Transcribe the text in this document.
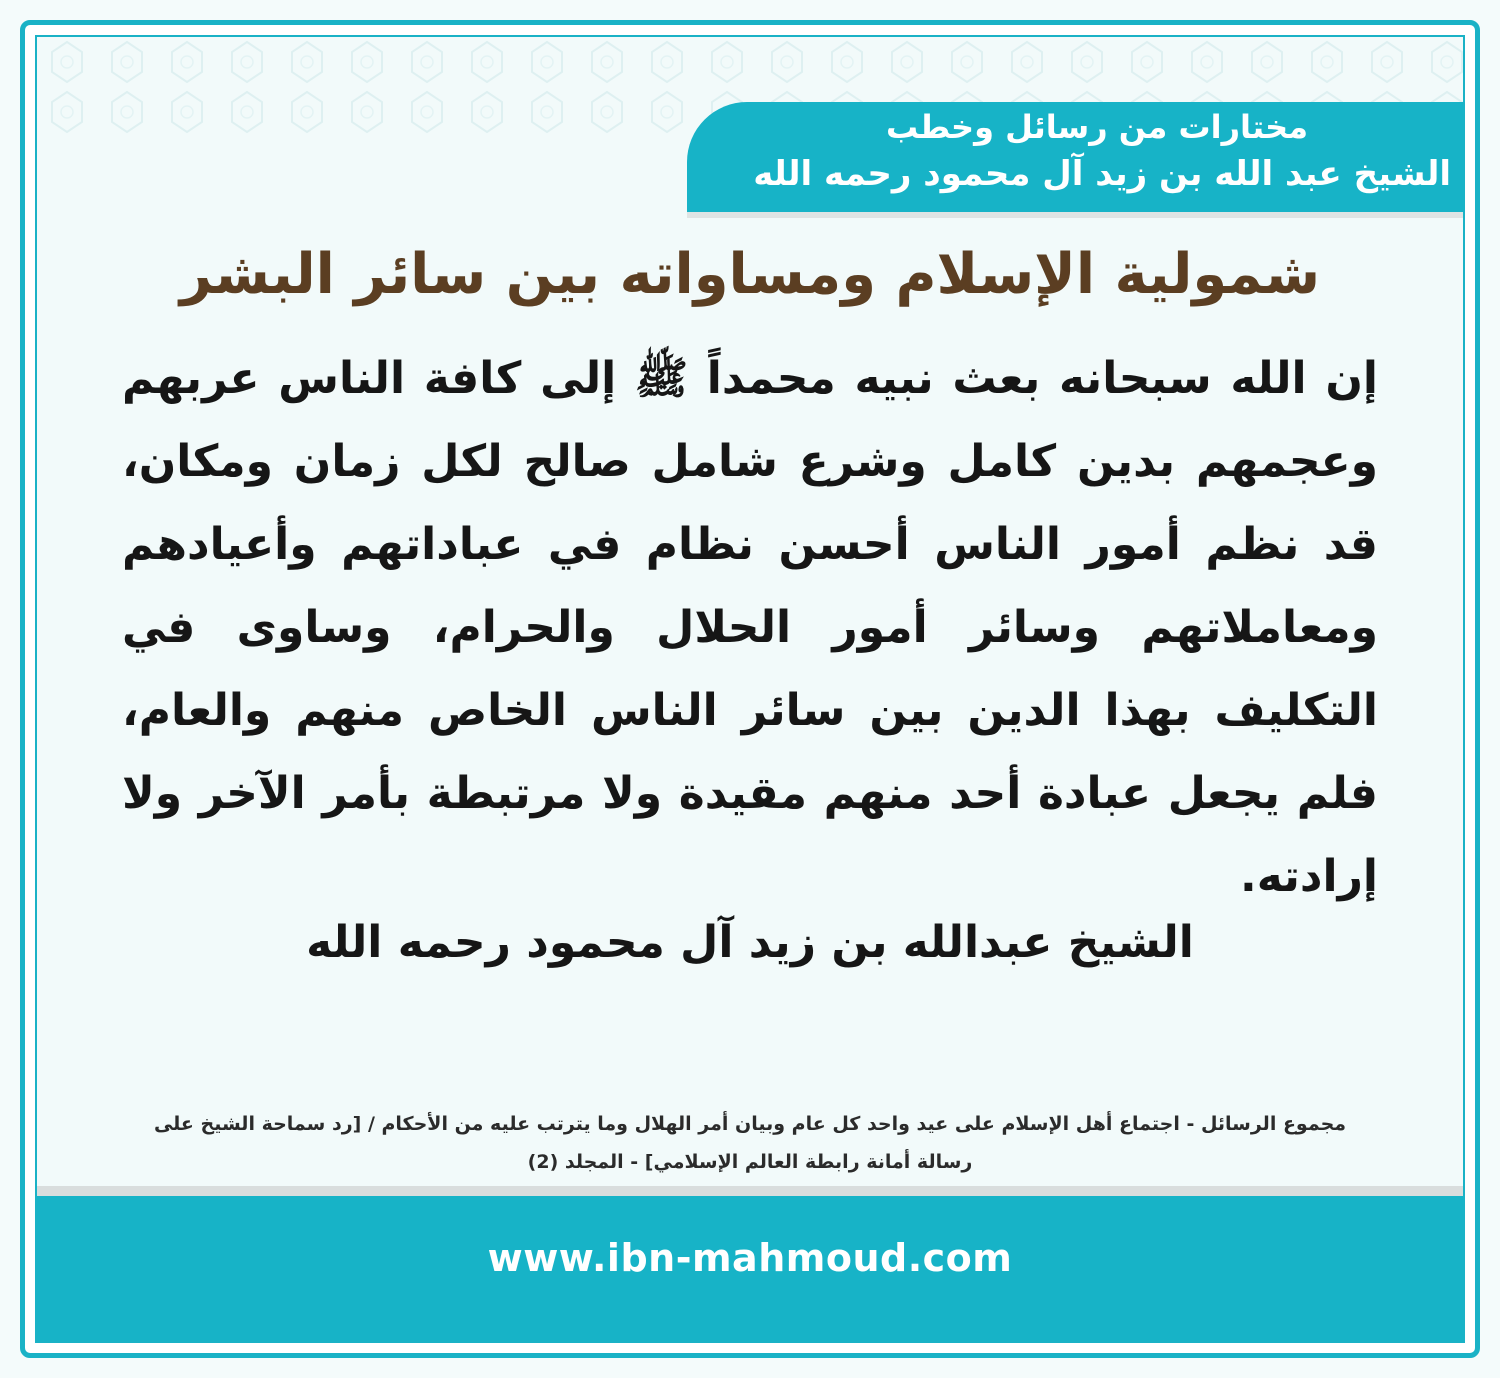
مختارات من رسائل وخطب
الشيخ عبد الله بن زيد آل محمود رحمه الله
شمولية الإسلام ومساواته بين سائر البشر
إن الله سبحانه بعث نبيه محمداً ﷺ إلى كافة الناس عربهم وعجمهم بدين كامل وشرع شامل صالح لكل زمان ومكان، قد نظم أمور الناس أحسن نظام في عباداتهم وأعيادهم ومعاملاتهم وسائر أمور الحلال والحرام، وساوى في التكليف بهذا الدين بين سائر الناس الخاص منهم والعام، فلم يجعل عبادة أحد منهم مقيدة ولا مرتبطة بأمر الآخر ولا إرادته.
الشيخ عبدالله بن زيد آل محمود رحمه الله
مجموع الرسائل - اجتماع أهل الإسلام على عيد واحد كل عام وبيان أمر الهلال وما يترتب عليه من الأحكام / [رد سماحة الشيخ على رسالة أمانة رابطة العالم الإسلامي] - المجلد (2)
www.ibn-mahmoud.com
